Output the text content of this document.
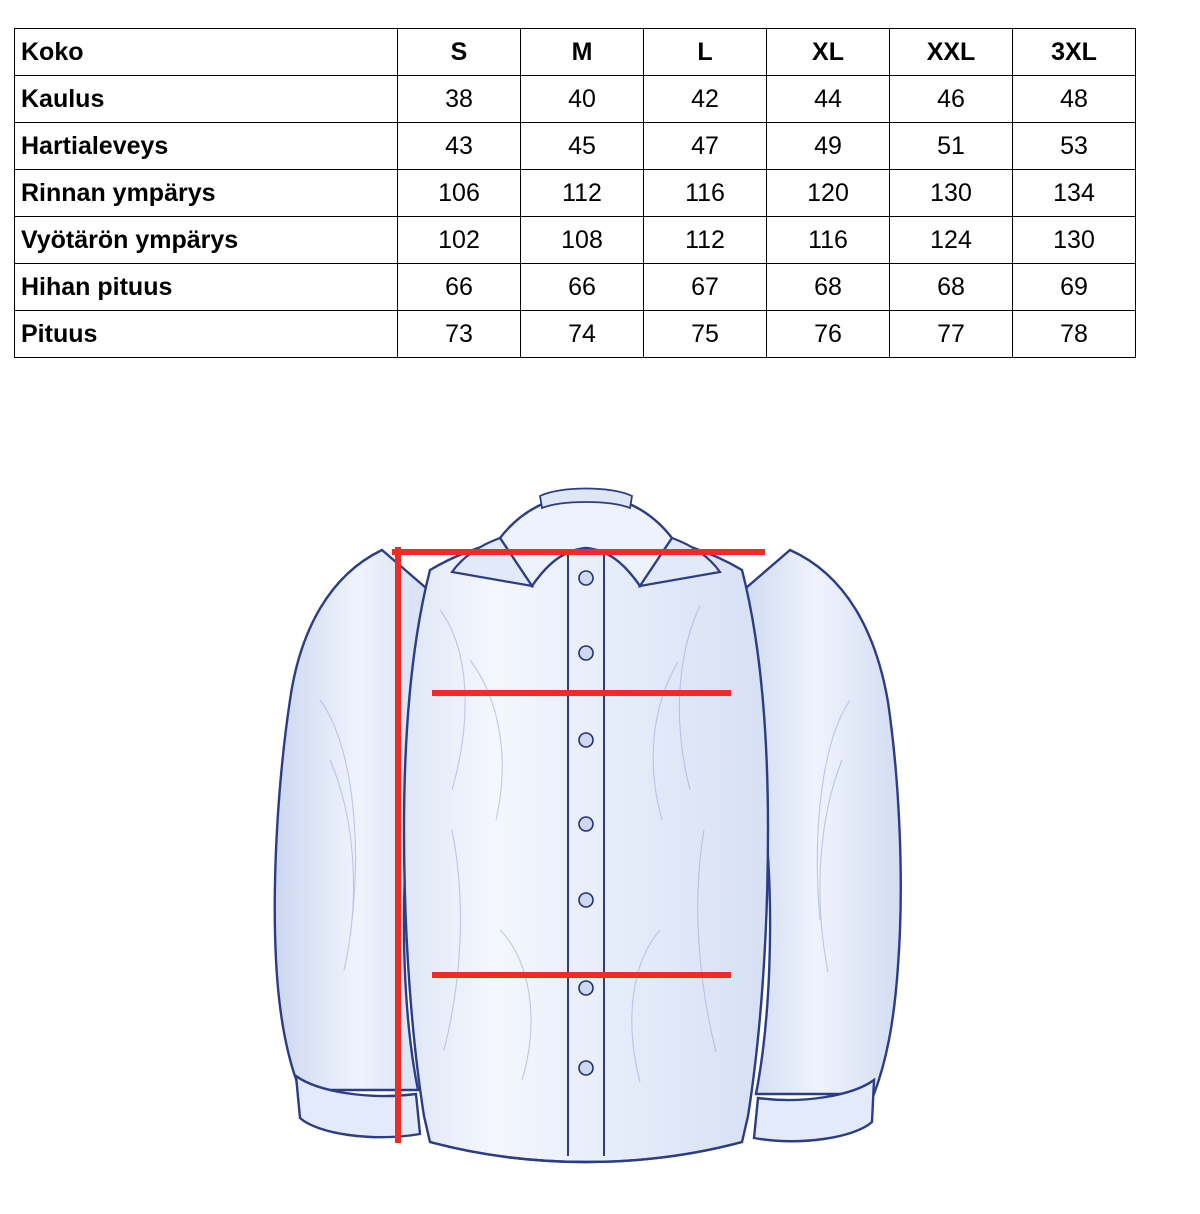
Koko	S	M	L	XL	XXL	3XL
Kaulus	38	40	42	44	46	48
Hartialeveys	43	45	47	49	51	53
Rinnan ympärys	106	112	116	120	130	134
Vyötärön ympärys	102	108	112	116	124	130
Hihan pituus	66	66	67	68	68	69
Pituus	73	74	75	76	77	78
